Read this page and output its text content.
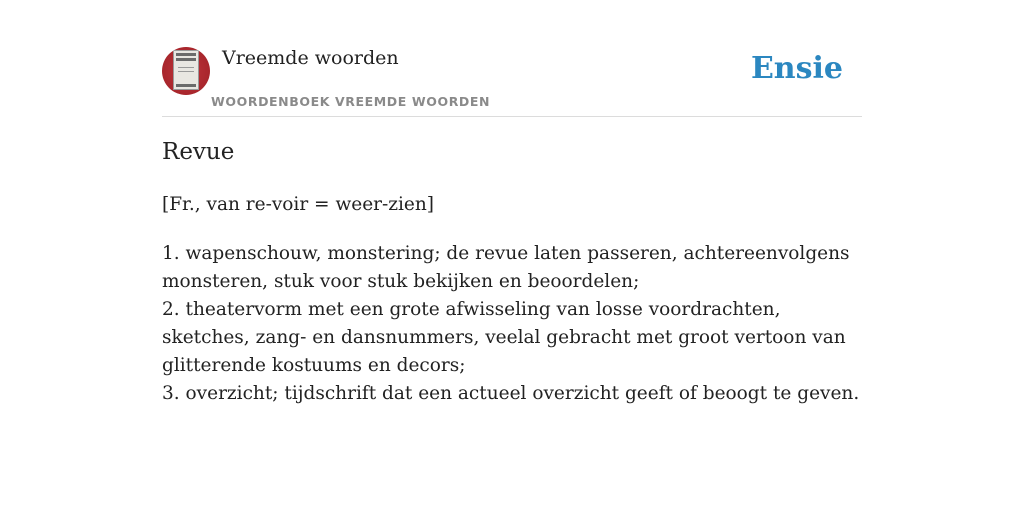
Vreemde woorden
WOORDENBOEK VREEMDE WOORDEN
Ensie
Revue
[Fr., van re-voir = weer-zien]
1. wapenschouw, monstering; de revue laten passeren, achtereenvolgens monsteren, stuk voor stuk bekijken en beoordelen;
2. theatervorm met een grote afwisseling van losse voordrachten, sketches, zang- en dansnummers, veelal gebracht met groot vertoon van glitterende kostuums en decors;
3. overzicht; tijdschrift dat een actueel overzicht geeft of beoogt te geven.
